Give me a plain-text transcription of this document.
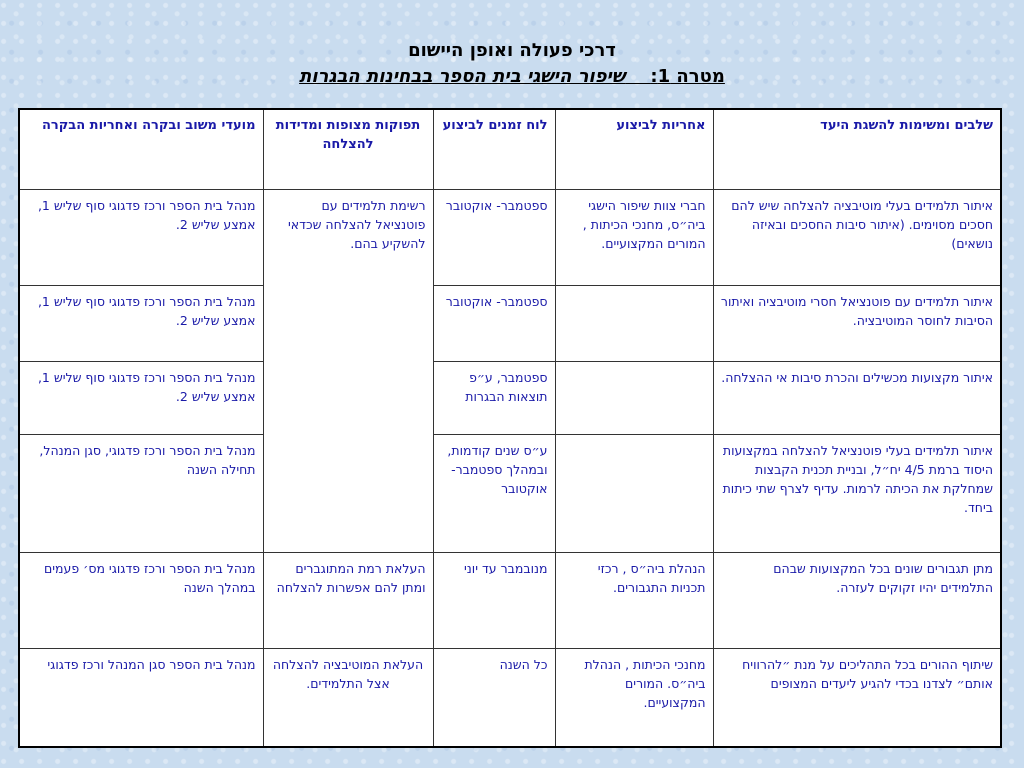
דרכי פעולה ואופן היישום
מטרה 1:    שיפור הישגי בית הספר בבחינות הבגרות
שלבים ומשימות להשגת היעד	אחריות לביצוע	לוח זמנים לביצוע	תפוקות מצופות ומדידות להצלחה	מועדי משוב ובקרה ואחריות הבקרה
איתור תלמידים בעלי מוטיבציה להצלחה שיש להם חסכים מסוימים. (איתור סיבות החסכים ובאיזה נושאים)	חברי צוות שיפור הישגי ביה״ס, מחנכי הכיתות , המורים המקצועיים.	ספטמבר- אוקטובר	רשימת תלמידים עם פוטנציאל להצלחה שכדאי להשקיע בהם.	מנהל בית הספר ורכז פדגוגי סוף שליש 1, אמצע שליש 2.
איתור תלמידים עם פוטנציאל חסרי מוטיבציה ואיתור הסיבות לחוסר המוטיבציה.		ספטמבר- אוקטובר		מנהל בית הספר ורכז פדגוגי סוף שליש 1, אמצע שליש 2.
איתור מקצועות מכשילים והכרת סיבות אי ההצלחה.		ספטמבר, ע״פ תוצאות הבגרות		מנהל בית הספר ורכז פדגוגי סוף שליש 1, אמצע שליש 2.
איתור תלמידים בעלי פוטנציאל להצלחה במקצועות היסוד ברמת 4/5 יח״ל, ובניית תכנית הקבצות שמחלקת את הכיתה לרמות. עדיף לצרף שתי כיתות ביחד.		ע״ס שנים קודמות, ובמהלך ספטמבר- אוקטובר		מנהל בית הספר ורכז פדגוגי, סגן המנהל, תחילה השנה
מתן תגבורים שונים בכל המקצועות שבהם התלמידים יהיו זקוקים לעזרה.	הנהלת ביה״ס , רכזי תכניות התגבורים.	מנובמבר עד יוני	העלאת רמת המתוגברים ומתן להם אפשרות להצלחה	מנהל בית הספר ורכז פדגוגי מס׳ פעמים במהלך השנה
שיתוף ההורים בכל התהליכים על מנת ״להרוויח אותם״ לצדנו בכדי להגיע ליעדים המצופים	מחנכי הכיתות , הנהלת ביה״ס. המורים המקצועיים.	כל השנה	העלאת המוטיבציה להצלחה אצל התלמידים.	מנהל בית הספר סגן המנהל ורכז פדגוגי
